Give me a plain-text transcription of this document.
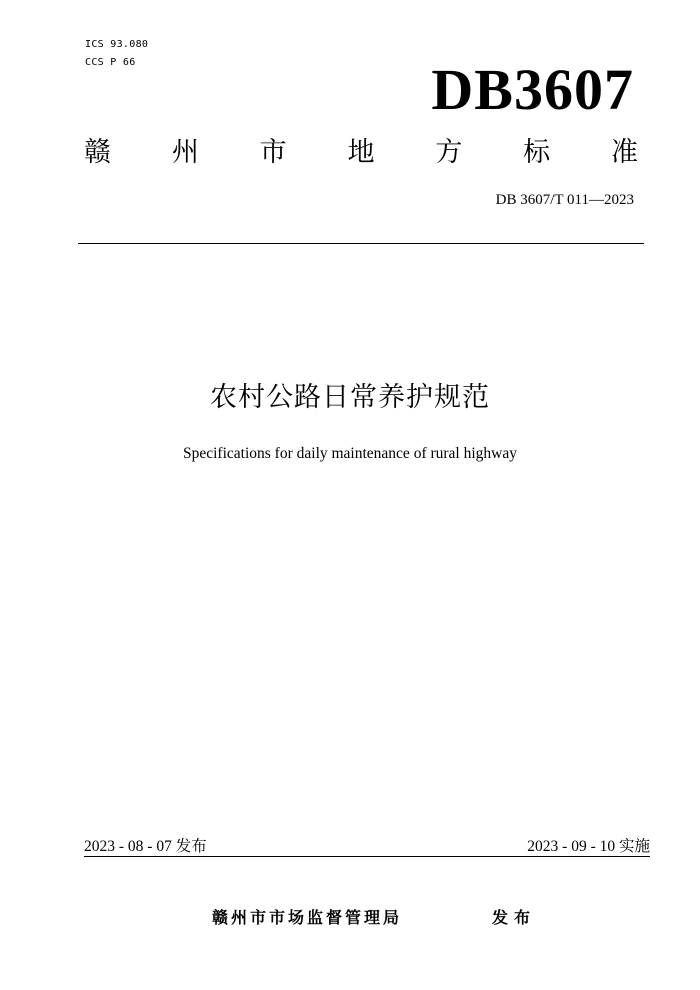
ICS 93.080
CCS P 66	DB3607
赣 州 市 地 方 标 准
DB 3607/T 011—2023
农村公路日常养护规范
Specifications for daily maintenance of rural highway
2023 - 08 - 07 发布	2023 - 09 - 10 实施
赣州市市场监督管理局	发布
